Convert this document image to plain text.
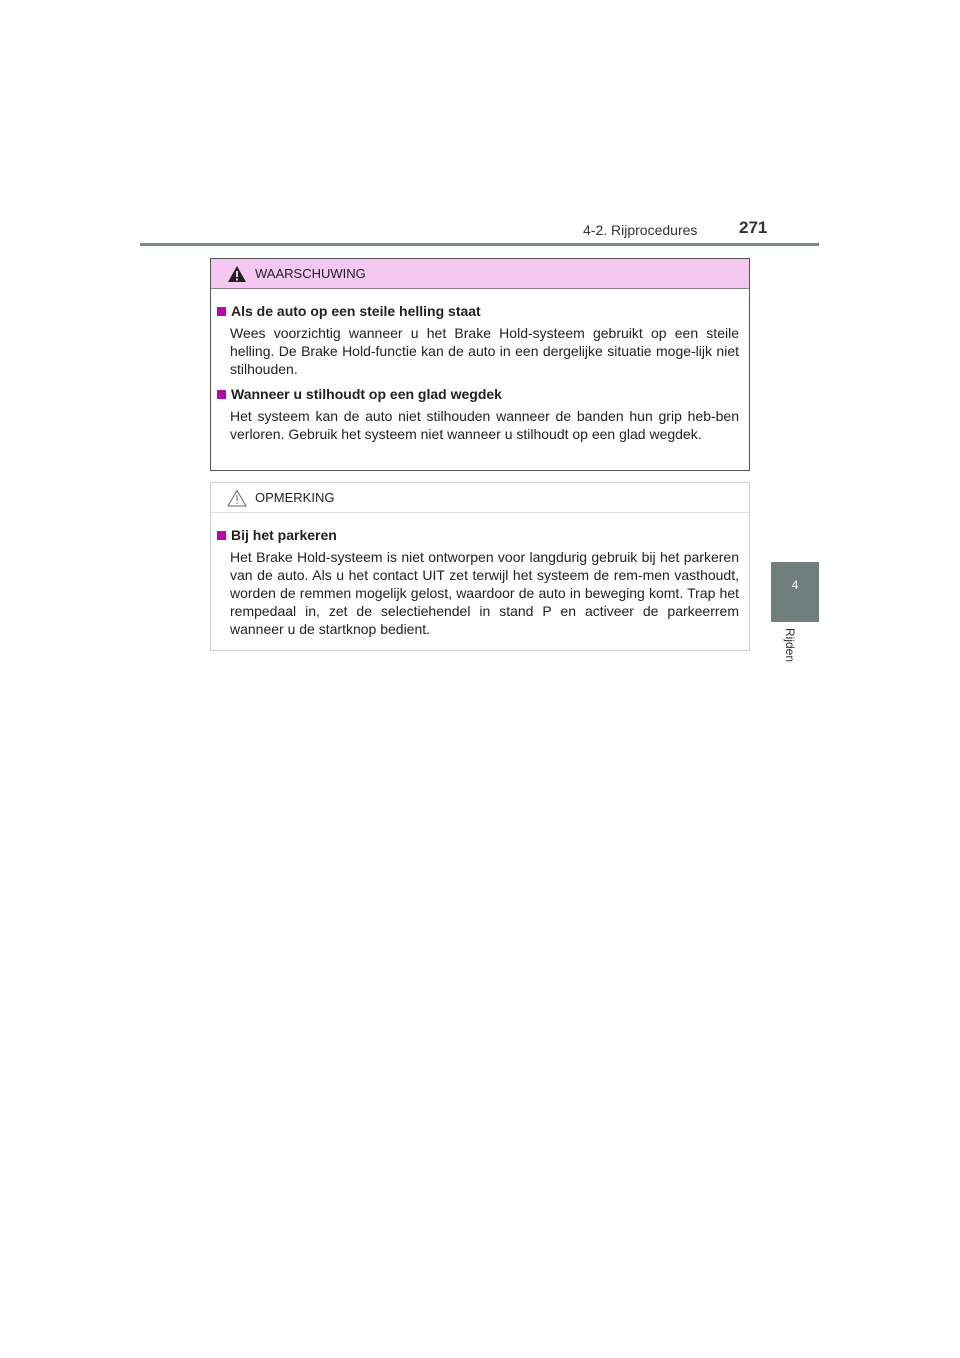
4-2. Rijprocedures 271
4
Rijden
WAARSCHUWING
Als de auto op een steile helling staat
Wees voorzichtig wanneer u het Brake Hold-systeem gebruikt op een steile helling. De Brake Hold-functie kan de auto in een dergelijke situatie moge-lijk niet stilhouden.
Wanneer u stilhoudt op een glad wegdek
Het systeem kan de auto niet stilhouden wanneer de banden hun grip heb-ben verloren. Gebruik het systeem niet wanneer u stilhoudt op een glad wegdek.
OPMERKING
Bij het parkeren
Het Brake Hold-systeem is niet ontworpen voor langdurig gebruik bij het parkeren van de auto. Als u het contact UIT zet terwijl het systeem de rem-men vasthoudt, worden de remmen mogelijk gelost, waardoor de auto in beweging komt. Trap het rempedaal in, zet de selectiehendel in stand P en activeer de parkeerrem wanneer u de startknop bedient.
